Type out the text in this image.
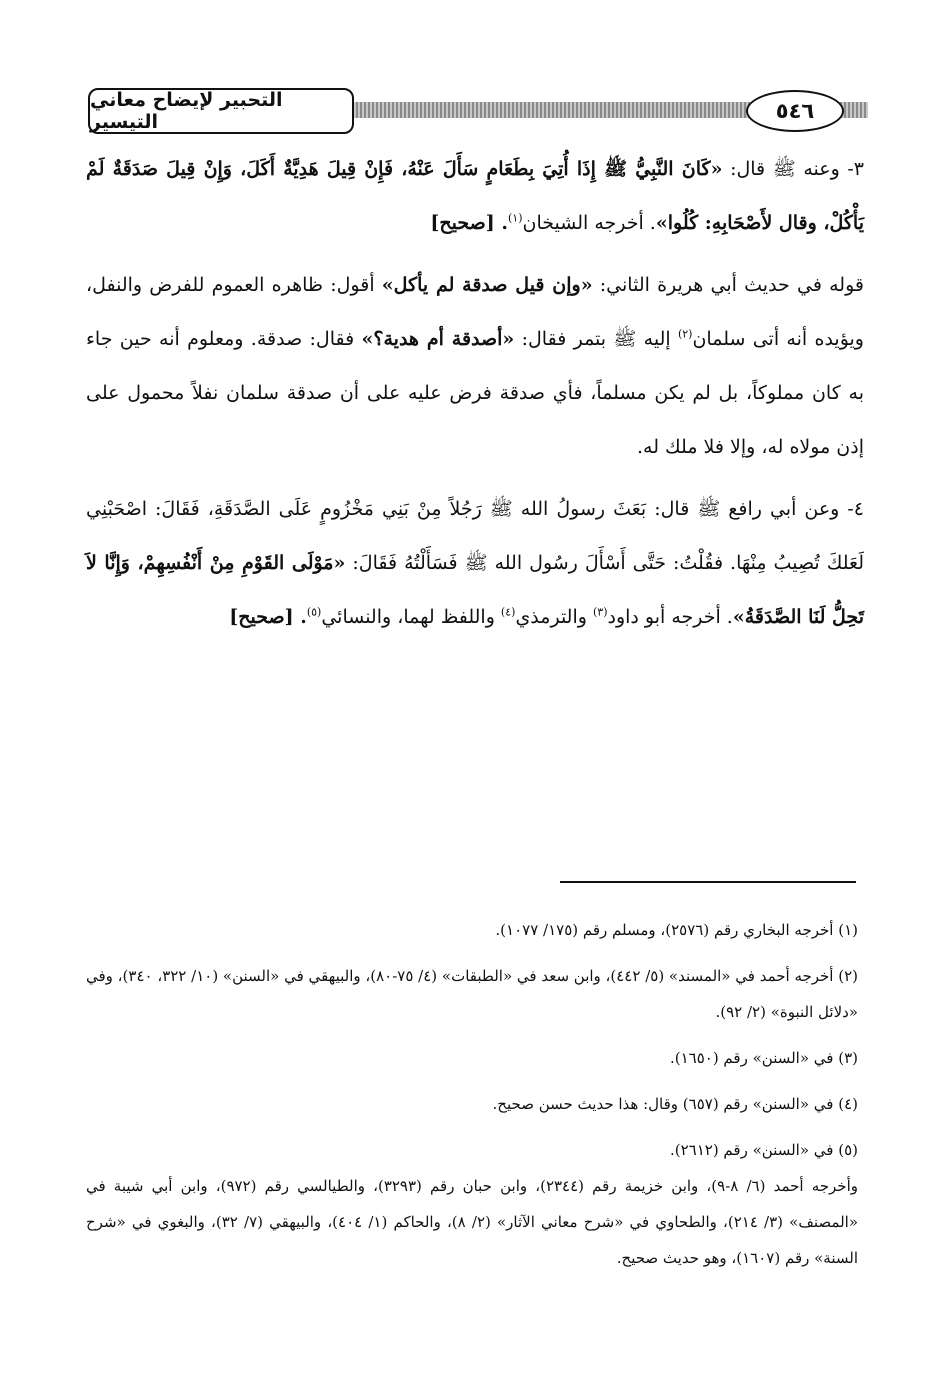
التحبير لإيضاح معاني التيسير	٥٤٦

٣- وعنه ﷺ قال: «كَانَ النَّبِيُّ ﷺ إِذَا أُتِيَ بِطَعَامٍ سَأَلَ عَنْهُ، فَإِنْ قِيلَ هَدِيَّةٌ أَكَلَ، وَإِنْ قِيلَ صَدَقَةٌ لَمْ يَأْكُلْ، وقال لأَصْحَابِهِ: كُلُوا». أخرجه الشيخان$^{(١)}$. [صحيح]

قوله في حديث أبي هريرة الثاني: «وإن قيل صدقة لم يأكل» أقول: ظاهره العموم للفرض والنفل، ويؤيده أنه أتى سلمان$^{(٢)}$ إليه ﷺ بتمر فقال: «أصدقة أم هدية؟» فقال: صدقة. ومعلوم أنه حين جاء به كان مملوكاً، بل لم يكن مسلماً، فأي صدقة فرض عليه على أن صدقة سلمان نفلاً محمول على إذن مولاه له، وإلا فلا ملك له.

٤- وعن أبي رافع ﷺ قال: بَعَثَ رسولُ الله ﷺ رَجُلاً مِنْ بَنِي مَخْزُومٍ عَلَى الصَّدَقَةِ، فَقَالَ: اصْحَبْنِي لَعَلكَ تُصِيبُ مِنْهَا. فقُلْتُ: حَتَّى أَسْأَلَ رسُول الله ﷺ فَسَأَلْتُهُ فَقَالَ: «مَوْلَى القَوْمِ مِنْ أَنْفُسِهِمْ، وَإِنَّا لاَ تَحِلُّ لَنَا الصَّدَقَةُ». أخرجه أبو داود$^{(٣)}$ والترمذي$^{(٤)}$ واللفظ لهما، والنسائي$^{(٥)}$. [صحيح]

(١) أخرجه البخاري رقم (٢٥٧٦)، ومسلم رقم (١٧٥/ ١٠٧٧).

(٢) أخرجه أحمد في «المسند» (٥/ ٤٤٢)، وابن سعد في «الطبقات» (٤/ ٧٥-٨٠)، والبيهقي في «السنن» (١٠/ ٣٢٢، ٣٤٠)، وفي «دلائل النبوة» (٢/ ٩٢).

(٣) في «السنن» رقم (١٦٥٠).

(٤) في «السنن» رقم (٦٥٧) وقال: هذا حديث حسن صحيح.

(٥) في «السنن» رقم (٢٦١٢).

وأخرجه أحمد (٦/ ٨-٩)، وابن خزيمة رقم (٢٣٤٤)، وابن حبان رقم (٣٢٩٣)، والطيالسي رقم (٩٧٢)، وابن أبي شيبة في «المصنف» (٣/ ٢١٤)، والطحاوي في «شرح معاني الآثار» (٢/ ٨)، والحاكم (١/ ٤٠٤)، والبيهقي (٧/ ٣٢)، والبغوي في «شرح السنة» رقم (١٦٠٧)، وهو حديث صحيح.
